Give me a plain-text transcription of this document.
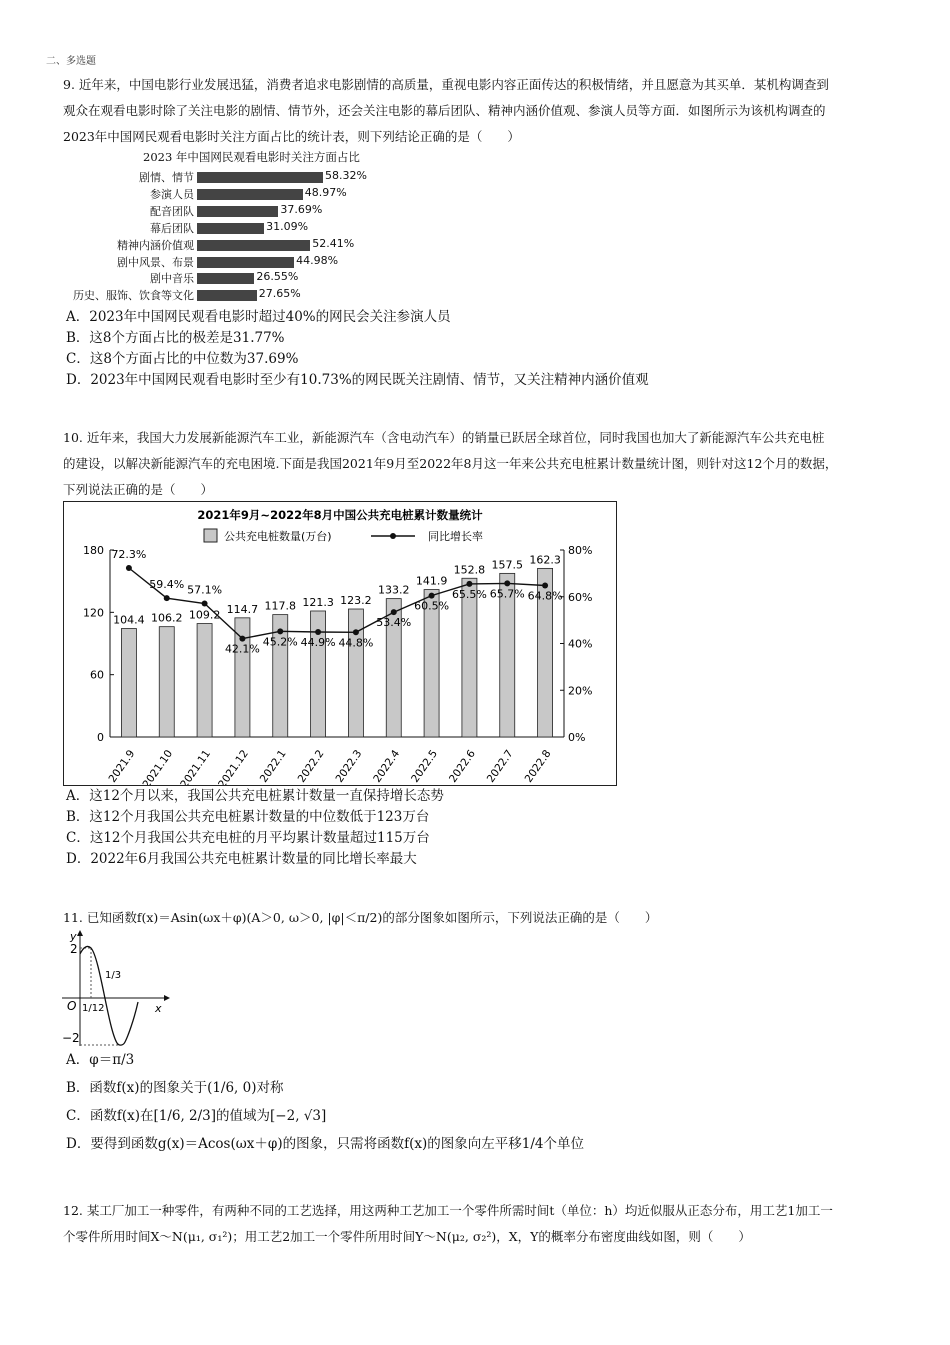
二、多选题
9. 近年来，中国电影行业发展迅猛，消费者追求电影剧情的高质量，重视电影内容正面传达的积极情绪，并且愿意为其买单．某机构调查到
观众在观看电影时除了关注电影的剧情、情节外，还会关注电影的幕后团队、精神内涵价值观、参演人员等方面．如图所示为该机构调查的
2023年中国网民观看电影时关注方面占比的统计表，则下列结论正确的是（　　）
2023 年中国网民观看电影时关注方面占比
剧情、情节	58.32%
参演人员	48.97%
配音团队	37.69%
幕后团队	31.09%
精神内涵价值观	52.41%
剧中风景、布景	44.98%
剧中音乐	26.55%
历史、服饰、饮食等文化	27.65%
A．2023年中国网民观看电影时超过40%的网民会关注参演人员
B．这8个方面占比的极差是31.77%
C．这8个方面占比的中位数为37.69%
D．2023年中国网民观看电影时至少有10.73%的网民既关注剧情、情节，又关注精神内涵价值观
10. 近年来，我国大力发展新能源汽车工业，新能源汽车（含电动汽车）的销量已跃居全球首位，同时我国也加大了新能源汽车公共充电桩
的建设，以解决新能源汽车的充电困境.下面是我国2021年9月至2022年8月这一年来公共充电桩累计数量统计图，则针对这12个月的数据，
下列说法正确的是（　　）
2021年9月~2022年8月中国公共充电桩累计数量统计
公共充电桩数量(万台)	同比增长率
0
60
120
180
0%
20%
40%
60%
80%
104.4
2021.9
106.2
2021.10
109.2
2021.11
114.7
2021.12
117.8
2022.1
121.3
2022.2
123.2
2022.3
133.2
2022.4
141.9
2022.5
152.8
2022.6
157.5
2022.7
162.3
2022.8
72.3%
59.4% 57.1%
42.1%
45.2% 44.9% 44.8%
53.4%
60.5%
65.5% 65.7% 64.8%
A．这12个月以来，我国公共充电桩累计数量一直保持增长态势
B．这12个月我国公共充电桩累计数量的中位数低于123万台
C．这12个月我国公共充电桩的月平均累计数量超过115万台
D．2022年6月我国公共充电桩累计数量的同比增长率最大
11. 已知函数f(x)＝Asin(ωx＋φ)(A＞0, ω＞0, |φ|＜π/2)的部分图象如图所示，下列说法正确的是（　　）
y
x
O
2
−2
1/12
1/3
A．φ＝π/3
B．函数f(x)的图象关于(1/6, 0)对称
C．函数f(x)在[1/6, 2/3]的值域为[−2, √3]
D．要得到函数g(x)＝Acos(ωx＋φ)的图象，只需将函数f(x)的图象向左平移1/4个单位
12. 某工厂加工一种零件，有两种不同的工艺选择，用这两种工艺加工一个零件所需时间t（单位：h）均近似服从正态分布，用工艺1加工一
个零件所用时间X～N(μ₁, σ₁²)；用工艺2加工一个零件所用时间Y～N(μ₂, σ₂²)，X，Y的概率分布密度曲线如图，则（　　）
